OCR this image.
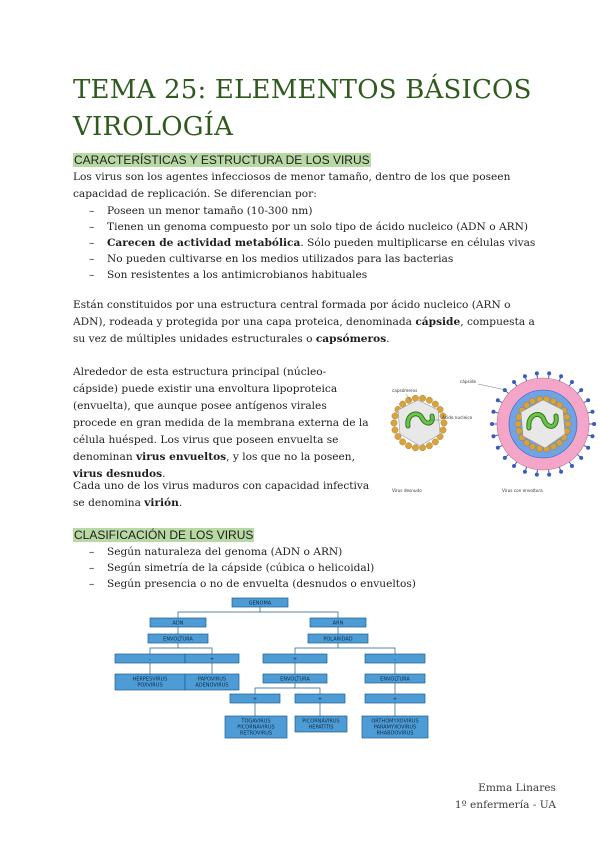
TEMA 25: ELEMENTOS BÁSICOS
VIROLOGÍA

CARACTERÍSTICAS Y ESTRUCTURA DE LOS VIRUS

Los virus son los agentes infecciosos de menor tamaño, dentro de los que poseen capacidad de replicación. Se diferencian por:

– Poseen un menor tamaño (10-300 nm)
– Tienen un genoma compuesto por un solo tipo de ácido nucleico (ADN o ARN)
– Carecen de actividad metabólica. Sólo pueden multiplicarse en células vivas
– No pueden cultivarse en los medios utilizados para las bacterias
– Son resistentes a los antimicrobianos habituales

Están constituidos por una estructura central formada por ácido nucleico (ARN o ADN), rodeada y protegida por una capa proteica, denominada cápside, compuesta a su vez de múltiples unidades estructurales o capsómeros.

Alrededor de esta estructura principal (núcleo-cápside) puede existir una envoltura lipoproteica (envuelta), que aunque posee antígenos virales procede en gran medida de la membrana externa de la célula huésped. Los virus que poseen envuelta se denominan virus envueltos, y los que no la poseen, virus desnudos.

Cada uno de los virus maduros con capacidad infectiva se denomina virión.

capsómeros
cápside
Ácido nucleico
Virus desnudo	Virus con envoltura

CLASIFICACIÓN DE LOS VIRUS

– Según naturaleza del genoma (ADN o ARN)
– Según simetría de la cápside (cúbica o helicoidal)
– Según presencia o no de envuelta (desnudos o envueltos)
GENOMA
ADN	ARN
ENVOLTURA	POLARIDAD
-	+	+	-
HERPESVIRUS POXVIRUS
PAPOVIRUS ADENOVIRUS
ENVOLTURA	ENVOLTURA
+	+	+
TOGAVIRUS PICORNAVIRUS RETROVIRUS
PICORNAVIRUS HEPATITIS
ORTHOMYXOVIRUS PARAMYXOVIRUS RHABDOVIRUS

Emma Linares

1º enfermería - UA
